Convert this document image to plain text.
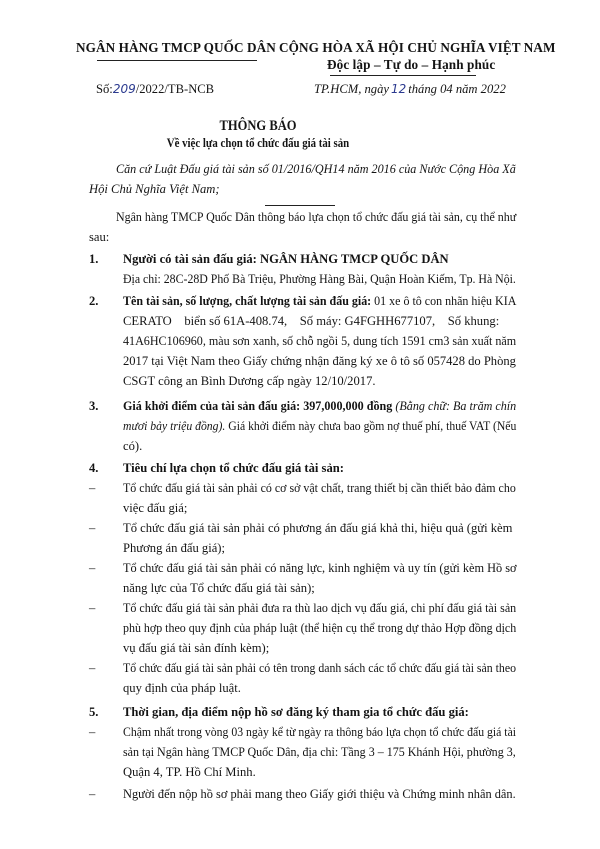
NGÂN HÀNG TMCP QUỐC DÂN CỘNG HÒA XÃ HỘI CHỦ NGHĨA VIỆT NAM
Độc lập – Tự do – Hạnh phúc
Số:209/2022/TB-NCB	TP.HCM, ngày 12 tháng 04 năm 2022
THÔNG BÁO
Về việc lựa chọn tổ chức đấu giá tài sản
Căn cứ Luật Đấu giá tài sản số 01/2016/QH14 năm 2016 của Nước Cộng Hòa Xã
Hội Chủ Nghĩa Việt Nam;
Ngân hàng TMCP Quốc Dân thông báo lựa chọn tổ chức đấu giá tài sản, cụ thể như
sau:
1. Người có tài sản đấu giá: NGÂN HÀNG TMCP QUỐC DÂN
Địa chỉ: 28C-28D Phố Bà Triệu, Phường Hàng Bài, Quận Hoàn Kiếm, Tp. Hà Nội.
2. Tên tài sản, số lượng, chất lượng tài sản đấu giá: 01 xe ô tô con nhãn hiệu KIA
CERATO    biển số 61A-408.74,    Số máy: G4FGHH677107,    Số khung:
41A6HC106960, màu sơn xanh, số chỗ ngồi 5, dung tích 1591 cm3 sản xuất năm
2017 tại Việt Nam theo Giấy chứng nhận đăng ký xe ô tô số 057428 do Phòng
CSGT công an Bình Dương cấp ngày 12/10/2017.
3. Giá khởi điểm của tài sản đấu giá: 397,000,000 đồng (Bằng chữ: Ba trăm chín
mươi bảy triệu đồng). Giá khởi điểm này chưa bao gồm nợ thuế phí, thuế VAT (Nếu
có).
4. Tiêu chí lựa chọn tổ chức đấu giá tài sản:
– Tổ chức đấu giá tài sản phải có cơ sở vật chất, trang thiết bị cần thiết bảo đảm cho
việc đấu giá;
– Tổ chức đấu giá tài sản phải có phương án đấu giá khả thi, hiệu quả (gửi kèm
Phương án đấu giá);
– Tổ chức đấu giá tài sản phải có năng lực, kinh nghiệm và uy tín (gửi kèm Hồ sơ
năng lực của Tổ chức đấu giá tài sản);
– Tổ chức đấu giá tài sản phải đưa ra thù lao dịch vụ đấu giá, chi phí đấu giá tài sản
phù hợp theo quy định của pháp luật (thể hiện cụ thể trong dự thảo Hợp đồng dịch
vụ đấu giá tài sản đính kèm);
– Tổ chức đấu giá tài sản phải có tên trong danh sách các tổ chức đấu giá tài sản theo
quy định của pháp luật.
5. Thời gian, địa điểm nộp hồ sơ đăng ký tham gia tổ chức đấu giá:
– Chậm nhất trong vòng 03 ngày kể từ ngày ra thông báo lựa chọn tổ chức đấu giá tài
sản tại Ngân hàng TMCP Quốc Dân, địa chỉ: Tầng 3 – 175 Khánh Hội, phường 3,
Quận 4, TP. Hồ Chí Minh.
– Người đến nộp hồ sơ phải mang theo Giấy giới thiệu và Chứng minh nhân dân.
